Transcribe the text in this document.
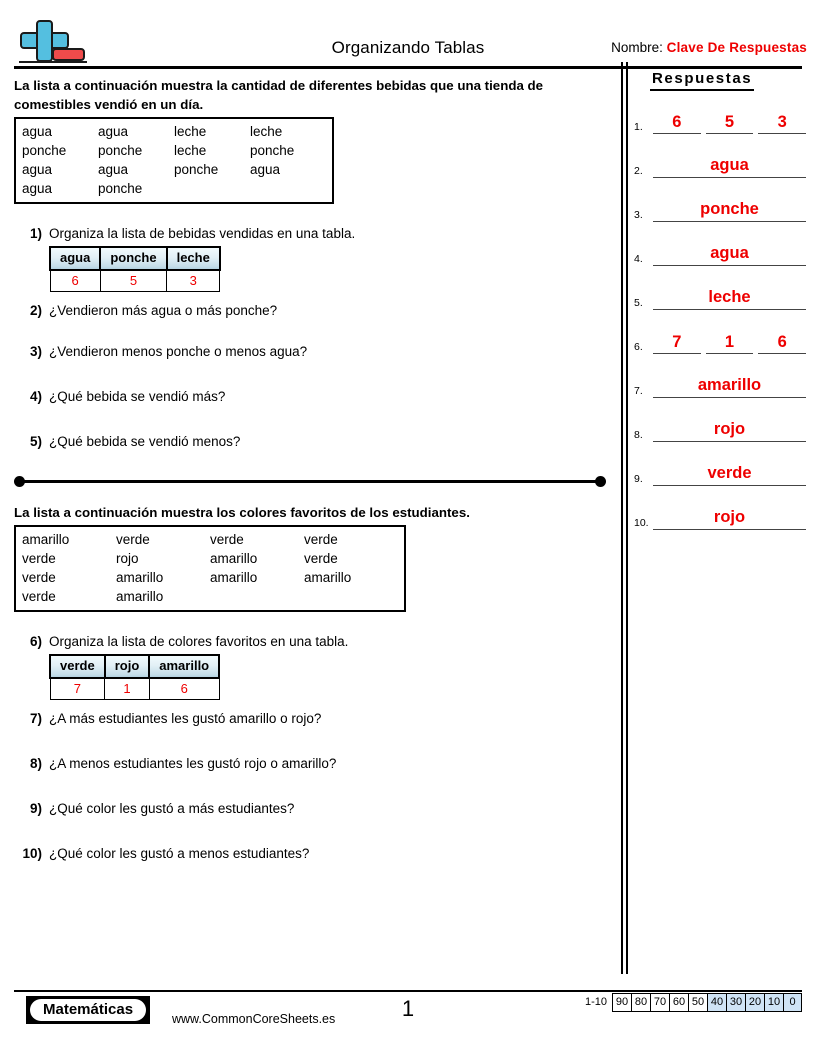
Organizando Tablas	Nombre: Clave De Respuestas

La lista a continuación muestra la cantidad de diferentes bebidas que una tienda de comestibles vendió en un día.

agua	agua	leche	leche
ponche	ponche	leche	ponche
agua	agua	ponche	agua
agua	ponche		
1) Organiza la lista de bebidas vendidas en una tabla.
agua	ponche	leche
6	5	3
2) ¿Vendieron más agua o más ponche?
3) ¿Vendieron menos ponche o menos agua?
4) ¿Qué bebida se vendió más?
5) ¿Qué bebida se vendió menos?

La lista a continuación muestra los colores favoritos de los estudiantes.

amarillo	verde	verde	verde
verde	rojo	amarillo	verde
verde	amarillo	amarillo	amarillo
verde	amarillo		
6) Organiza la lista de colores favoritos en una tabla.
verde	rojo	amarillo
7	1	6
7) ¿A más estudiantes les gustó amarillo o rojo?
8) ¿A menos estudiantes les gustó rojo o amarillo?
9) ¿Qué color les gustó a más estudiantes?
10) ¿Qué color les gustó a menos estudiantes?
Respuestas
1.	6	5	3
2.	agua
3.	ponche
4.	agua
5.	leche
6.	7	1	6
7.	amarillo
8.	rojo
9.	verde
10.	rojo
Matemáticas
www.CommonCoreSheets.es	1	1-10 90 80 70 60 50 40 30 20 10 0
